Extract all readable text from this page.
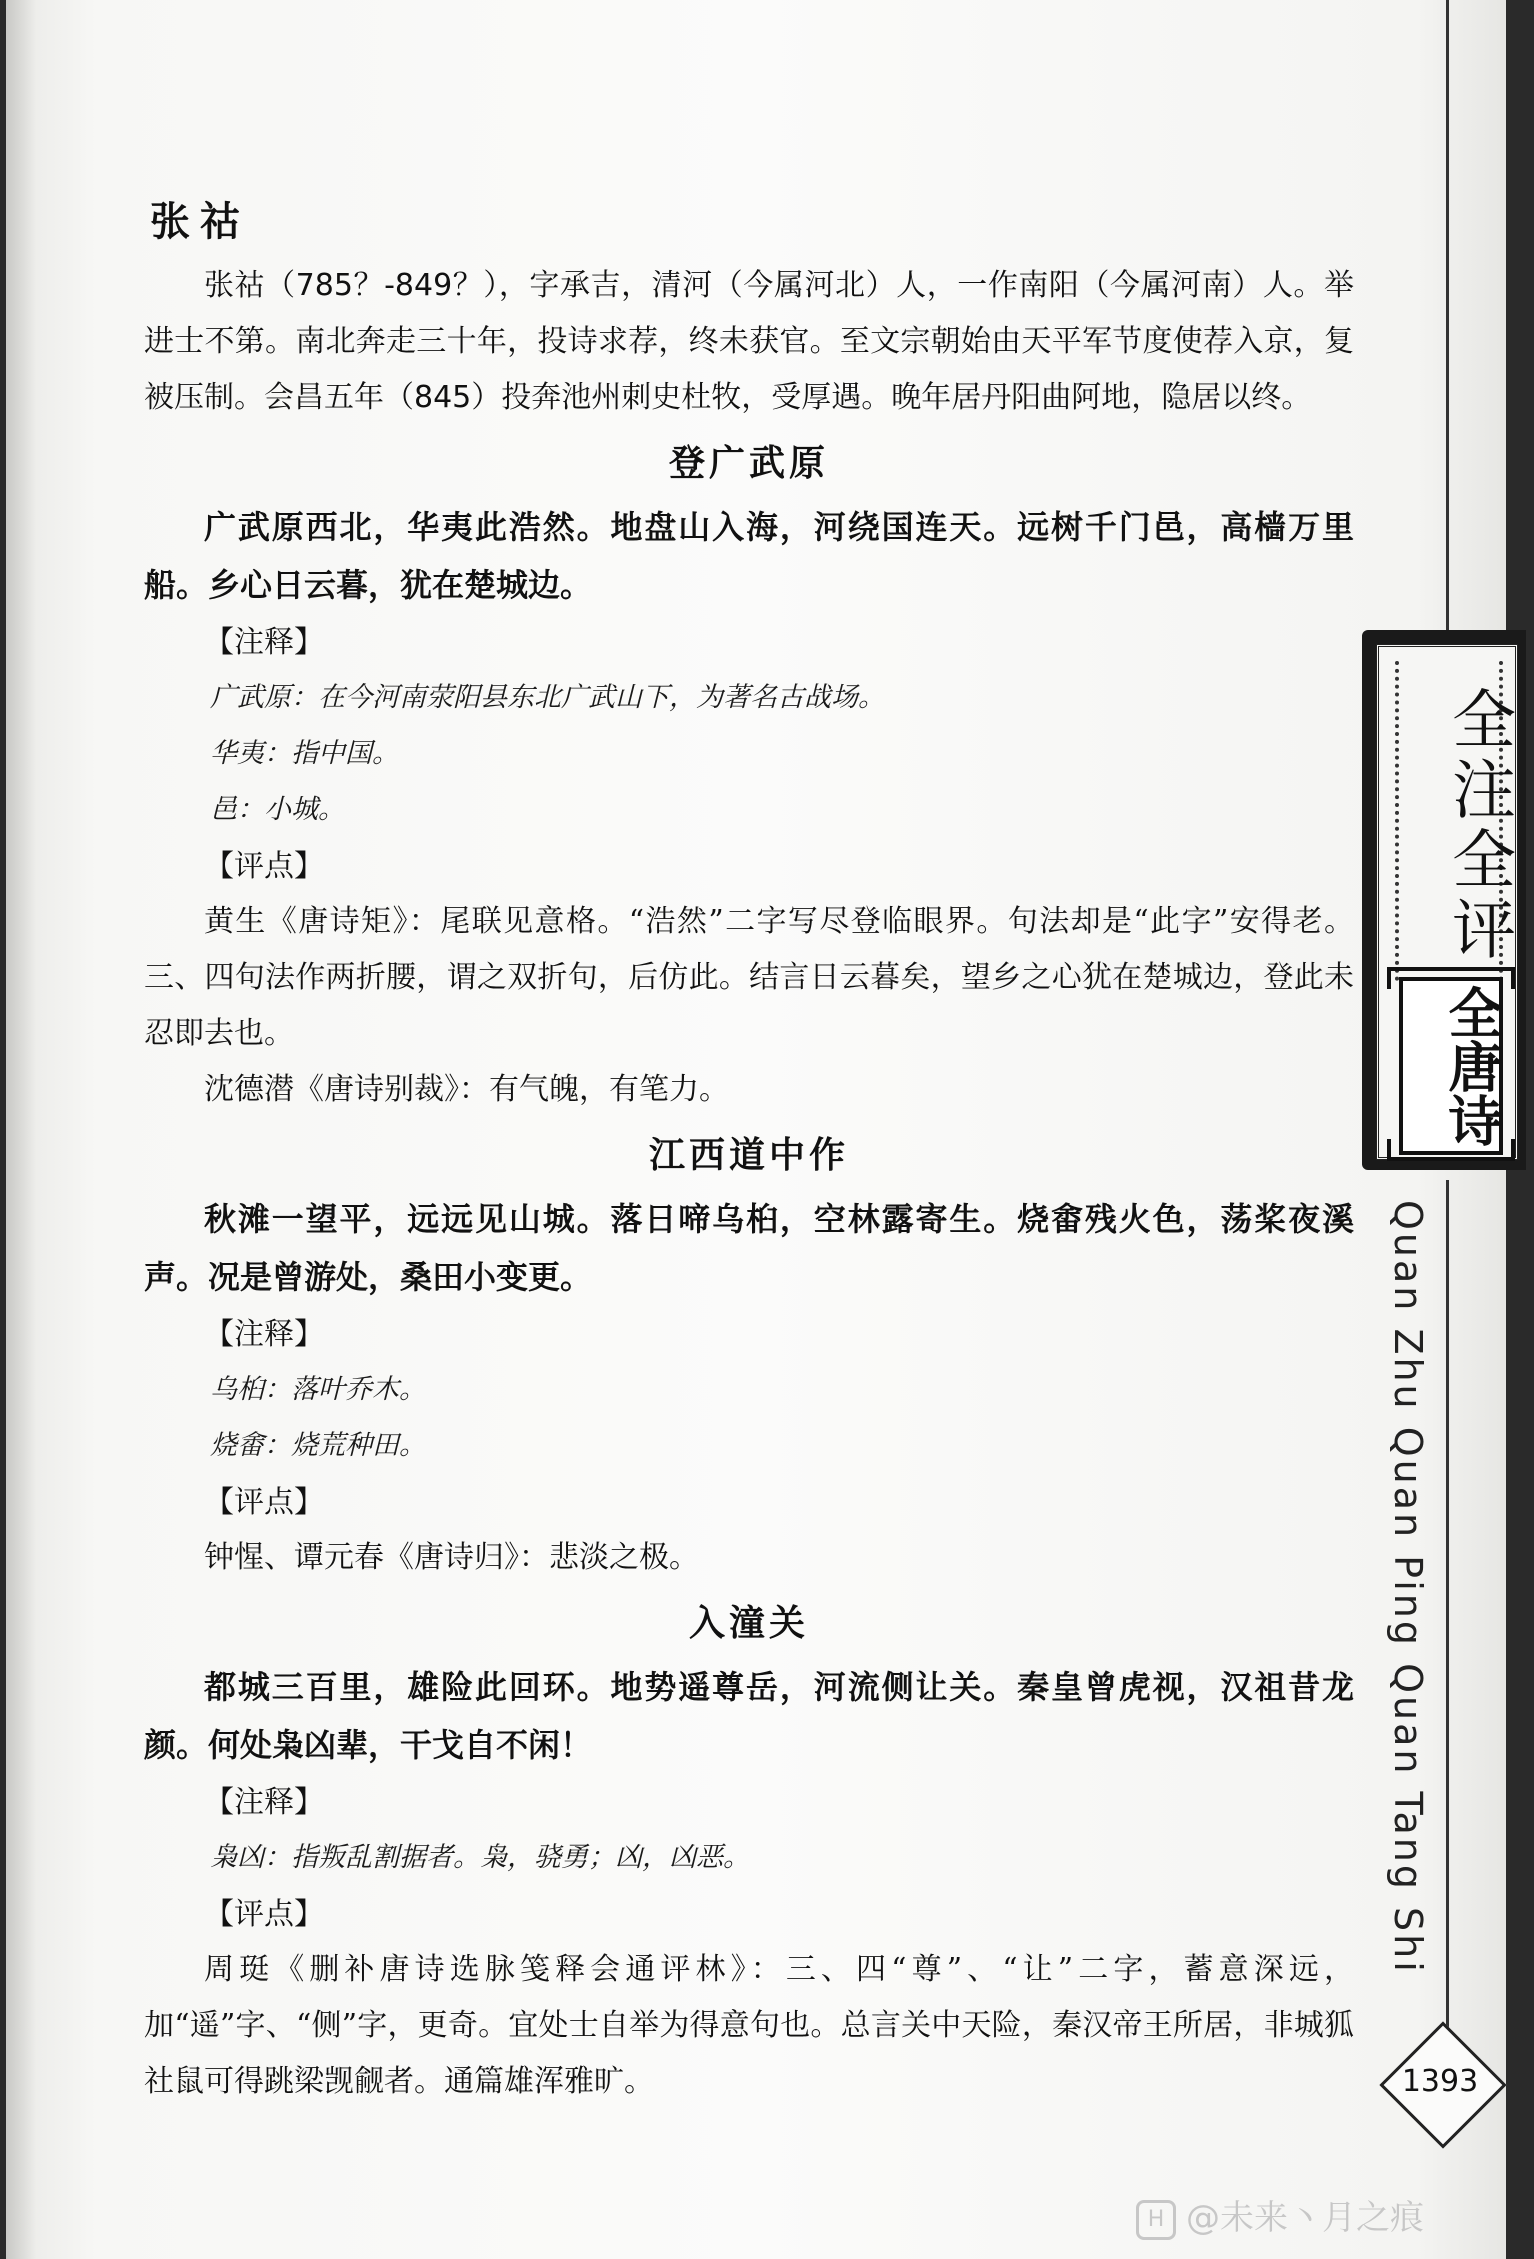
张祜

张祜（785？-849？），字承吉，清河（今属河北）人，一作南阳（今属河南）人。举进士不第。南北奔走三十年，投诗求荐，终未获官。至文宗朝始由天平军节度使荐入京，复被压制。会昌五年（845）投奔池州刺史杜牧，受厚遇。晚年居丹阳曲阿地，隐居以终。

登广武原

广武原西北，华夷此浩然。地盘山入海，河绕国连天。远树千门邑，高樯万里船。乡心日云暮，犹在楚城边。

【注释】

广武原：在今河南荥阳县东北广武山下，为著名古战场。

华夷：指中国。

邑：小城。

【评点】

黄生《唐诗矩》：尾联见意格。“浩然”二字写尽登临眼界。句法却是“此字”安得老。三、四句法作两折腰，谓之双折句，后仿此。结言日云暮矣，望乡之心犹在楚城边，登此未忍即去也。

沈德潜《唐诗别裁》：有气魄，有笔力。

江西道中作

秋滩一望平，远远见山城。落日啼乌桕，空林露寄生。烧畬残火色，荡桨夜溪声。况是曾游处，桑田小变更。

【注释】

乌桕：落叶乔木。

烧畬：烧荒种田。

【评点】

钟惺、谭元春《唐诗归》：悲淡之极。

入潼关

都城三百里，雄险此回环。地势遥尊岳，河流侧让关。秦皇曾虎视，汉祖昔龙颜。何处枭凶辈，干戈自不闲！

【注释】

枭凶：指叛乱割据者。枭，骁勇；凶，凶恶。

【评点】

周珽《删补唐诗选脉笺释会通评林》：三、四“尊”、“让”二字，蓄意深远，加“遥”字、“侧”字，更奇。宜处士自举为得意句也。总言关中天险，秦汉帝王所居，非城狐社鼠可得跳梁觊觎者。通篇雄浑雅旷。

全注全评
全唐诗
Quan Zhu Quan Ping Quan Tang Shi
1393
H @未来丶月之痕
